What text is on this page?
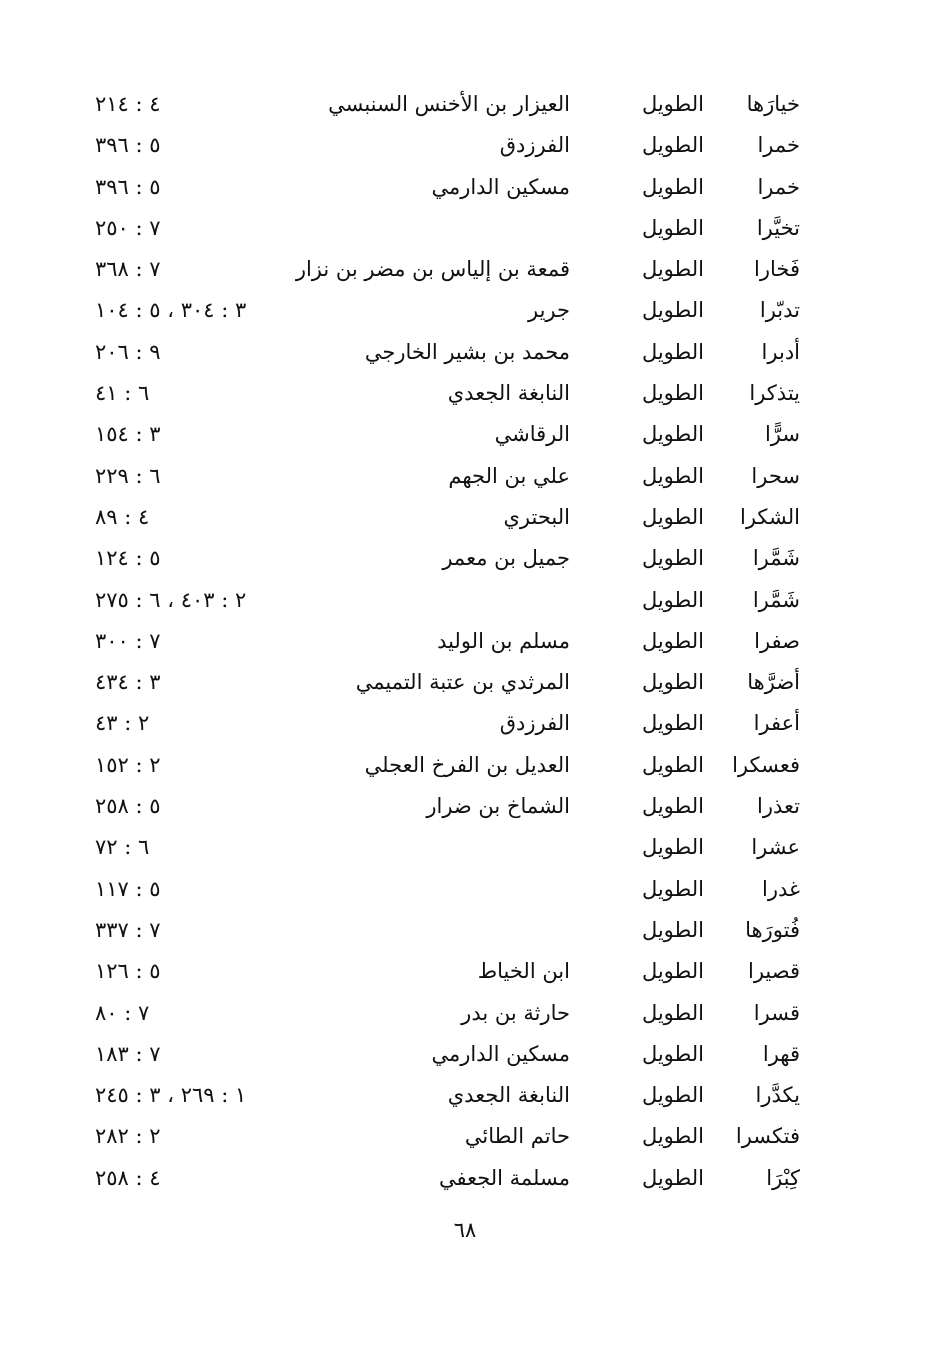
خيارَها
الطويل
العيزار بن الأخنس السنبسي
٤ : ٢١٤
خمرا
الطويل
الفرزدق
٥ : ٣٩٦
خمرا
الطويل
مسكين الدارمي
٥ : ٣٩٦
تخيَّرا
الطويل
٧ : ٢٥٠
فَخارا
الطويل
قمعة بن إلياس بن مضر بن نزار
٧ : ٣٦٨
تدبّرا
الطويل
جرير
٣ : ٣٠٤ ، ٥ : ١٠٤
أدبرا
الطويل
محمد بن بشير الخارجي
٩ : ٢٠٦
يتذكرا
الطويل
النابغة الجعدي
٦ : ٤١
سرًّا
الطويل
الرقاشي
٣ : ١٥٤
سحرا
الطويل
علي بن الجهم
٦ : ٢٢٩
الشكرا
الطويل
البحتري
٤ : ٨٩
شَمَّرا
الطويل
جميل بن معمر
٥ : ١٢٤
شَمَّرا
الطويل
٢ : ٤٠٣ ، ٦ : ٢٧٥
صفرا
الطويل
مسلم بن الوليد
٧ : ٣٠٠
أضرَّها
الطويل
المرثدي بن عتبة التميمي
٣ : ٤٣٤
أعفرا
الطويل
الفرزدق
٢ : ٤٣
فعسكرا
الطويل
العديل بن الفرخ العجلي
٢ : ١٥٢
تعذرا
الطويل
الشماخ بن ضرار
٥ : ٢٥٨
عشرا
الطويل
٦ : ٧٢
غدرا
الطويل
٥ : ١١٧
فُتورَها
الطويل
٧ : ٣٣٧
قصيرا
الطويل
ابن الخياط
٥ : ١٢٦
قسرا
الطويل
حارثة بن بدر
٧ : ٨٠
قهرا
الطويل
مسكين الدارمي
٧ : ١٨٣
يكدَّرا
الطويل
النابغة الجعدي
١ : ٢٦٩ ، ٣ : ٢٤٥
فتكسرا
الطويل
حاتم الطائي
٢ : ٢٨٢
كِبْرَا
الطويل
مسلمة الجعفي
٤ : ٢٥٨
٦٨
